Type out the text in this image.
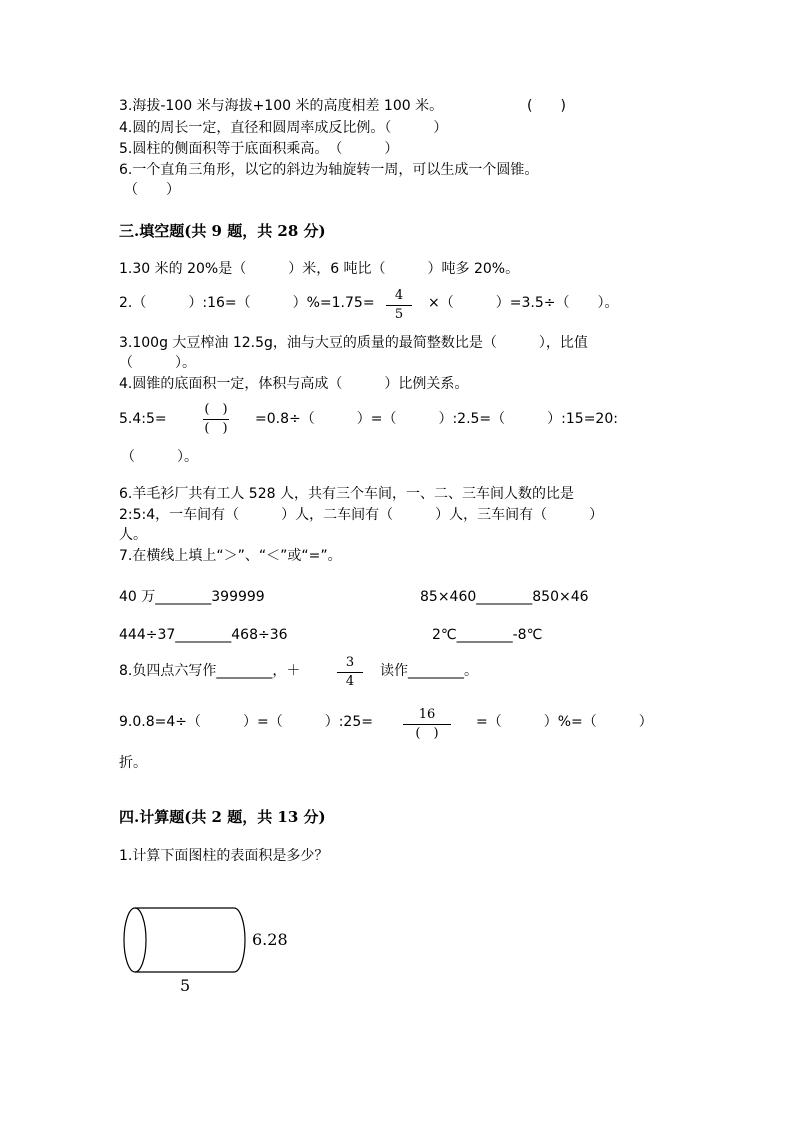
3.海拔-100 米与海拔+100 米的高度相差 100 米。	(　　)
4.圆的周长一定，直径和圆周率成反比例。（　　　）
5.圆柱的侧面积等于底面积乘高。　（　　　）
6.一个直角三角形，以它的斜边为轴旋转一周，可以生成一个圆锥。
（　　）
三.填空题(共 9 题，共 28 分)
1.30 米的 20%是（　　　）米，6 吨比（　　　）吨多 20%。
2.（　　　）:16=（　　　）%=1.75=	4
5
×（　　　）=3.5÷（　　）。
3.100g 大豆榨油 12.5g，油与大豆的质量的最简整数比是（　　　），比值
（　　　）。
4.圆锥的底面积一定，体积与高成（　　　）比例关系。
5.4:5=
(　)
(　)
=0.8÷（　　　）=（　　　）:2.5=（　　　）:15=20:
（　　　）。
6.羊毛衫厂共有工人 528 人，共有三个车间，一、二、三车间人数的比是
2:5:4，一车间有（　　　）人，二车间有（　　　）人，三车间有（　　　）
人。
7.在横线上填上“＞”、“＜”或“=”。
40 万________399999	85×460________850×46
444÷37________468÷36	2℃________-8℃
8.负四点六写作________，＋
3
4
读作________。
9.0.8=4÷（　　　）=（　　　）:25=	16
(　)
=（　　　）%=（　　　）
折。
四.计算题(共 2 题，共 13 分)
1.计算下面图柱的表面积是多少？
6.28
5
